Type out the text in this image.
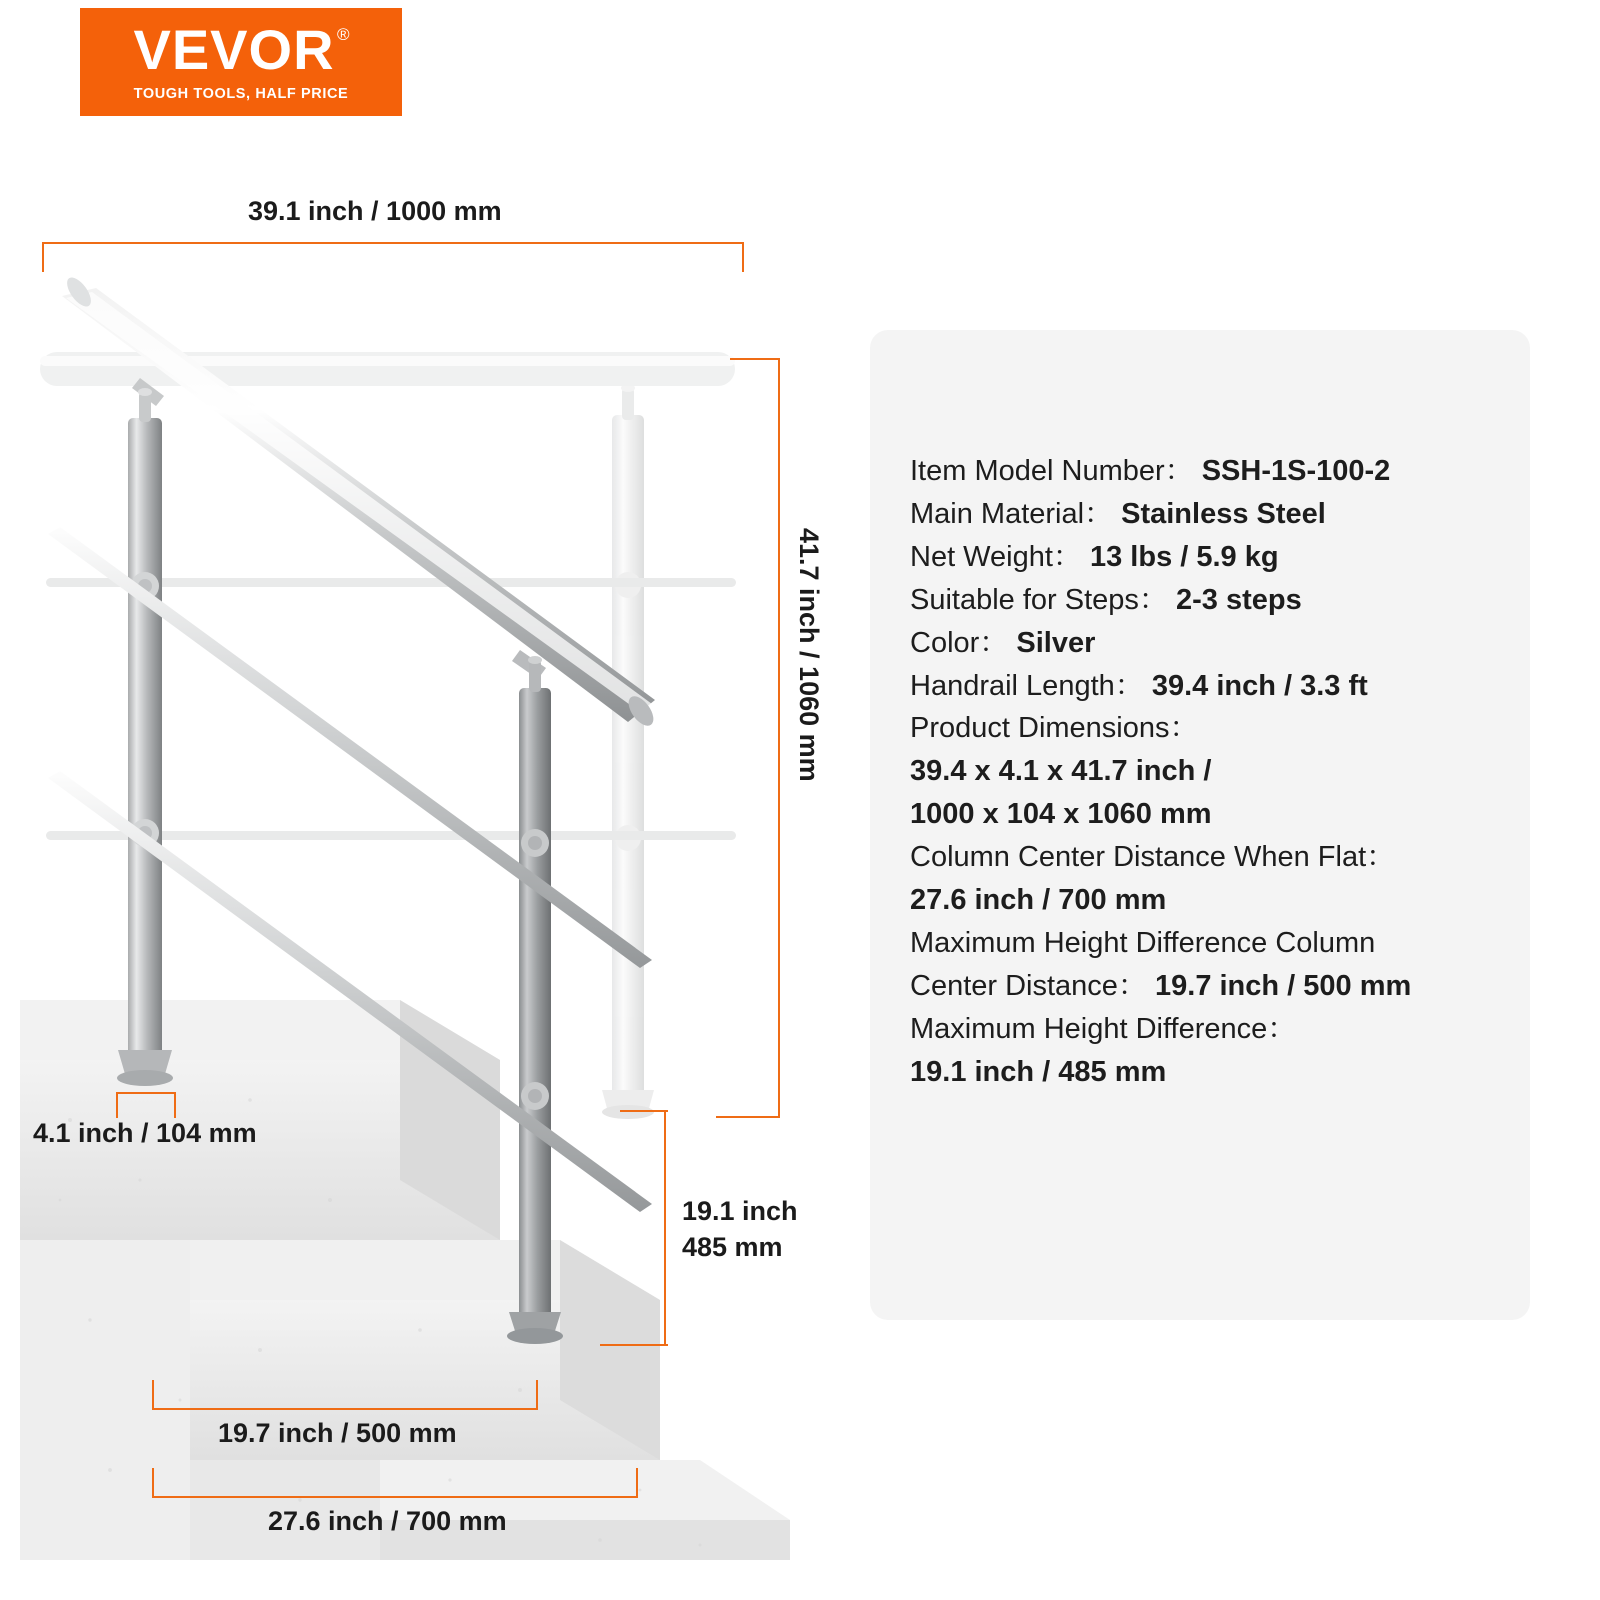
VEVOR ®
TOUGH TOOLS, HALF PRICE
39.1 inch / 1000 mm
41.7 inch / 1060 mm
4.1 inch / 104 mm
19.1 inch
485 mm
19.7 inch / 500 mm
27.6 inch / 700 mm
Item Model Number： SSH-1S-100-2
Main Material： Stainless Steel
Net Weight： 13 lbs / 5.9 kg
Suitable for Steps： 2-3 steps
Color： Silver
Handrail Length： 39.4 inch / 3.3 ft
Product Dimensions：
39.4 x 4.1 x 41.7 inch /
1000 x 104 x 1060 mm
Column Center Distance When Flat：
27.6 inch / 700 mm
Maximum Height Difference Column
Center Distance： 19.7 inch / 500 mm
Maximum Height Difference：
19.1 inch / 485 mm
